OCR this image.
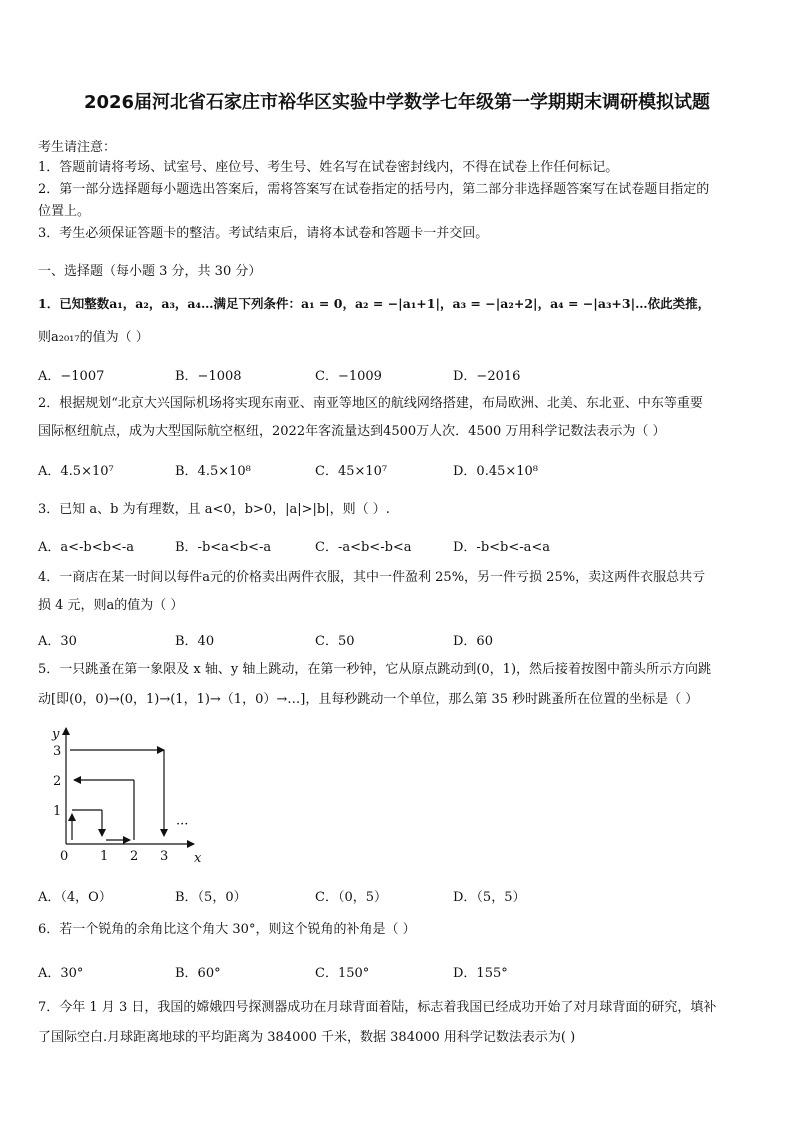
2026届河北省石家庄市裕华区实验中学数学七年级第一学期期末调研模拟试题
考生请注意：
1．答题前请将考场、试室号、座位号、考生号、姓名写在试卷密封线内，不得在试卷上作任何标记。
2．第一部分选择题每小题选出答案后，需将答案写在试卷指定的括号内，第二部分非选择题答案写在试卷题目指定的
位置上。
3．考生必须保证答题卡的整洁。考试结束后，请将本试卷和答题卡一并交回。
一、选择题（每小题 3 分，共 30 分）
1．已知整数a₁，a₂，a₃，a₄…满足下列条件：a₁ = 0，a₂ = −|a₁+1|，a₃ = −|a₂+2|，a₄ = −|a₃+3|…依此类推，
则a₂₀₁₇的值为（ ）
A．−1007	B．−1008	C．−1009	D．−2016
2．根据规划“北京大兴国际机场将实现东南亚、南亚等地区的航线网络搭建，布局欧洲、北美、东北亚、中东等重要
国际枢纽航点，成为大型国际航空枢纽，2022年客流量达到4500万人次．4500 万用科学记数法表示为（ ）
A．4.5×10⁷	B．4.5×10⁸	C．45×10⁷	D．0.45×10⁸
3．已知 a、b 为有理数，且 a<0，b>0，|a|>|b|，则（ ）.
A．a<-b<b<-a	B．-b<a<b<-a	C．-a<b<-b<a	D．-b<b<-a<a
4．一商店在某一时间以每件a元的价格卖出两件衣服，其中一件盈利 25%，另一件亏损 25%，卖这两件衣服总共亏
损 4 元，则a的值为（ ）
A．30	B．40	C．50	D．60
5．一只跳蚤在第一象限及 x 轴、y 轴上跳动，在第一秒钟，它从原点跳动到(0，1)，然后接着按图中箭头所示方向跳
动[即(0，0)→(0，1)→(1，1)→（1，0）→…]，且每秒跳动一个单位，那么第 35 秒时跳蚤所在位置的坐标是（ ）
y
x
0 1 2 3
1
2
3
···
A．（4，O）	B．（5，0）	C．（0，5）	D．（5，5）
6．若一个锐角的余角比这个角大 30°，则这个锐角的补角是（ ）
A．30°	B．60°	C．150°	D．155°
7．今年 1 月 3 日，我国的嫦娥四号探测器成功在月球背面着陆，标志着我国已经成功开始了对月球背面的研究，填补
了国际空白.月球距离地球的平均距离为 384000 千米，数据 384000 用科学记数法表示为( )
